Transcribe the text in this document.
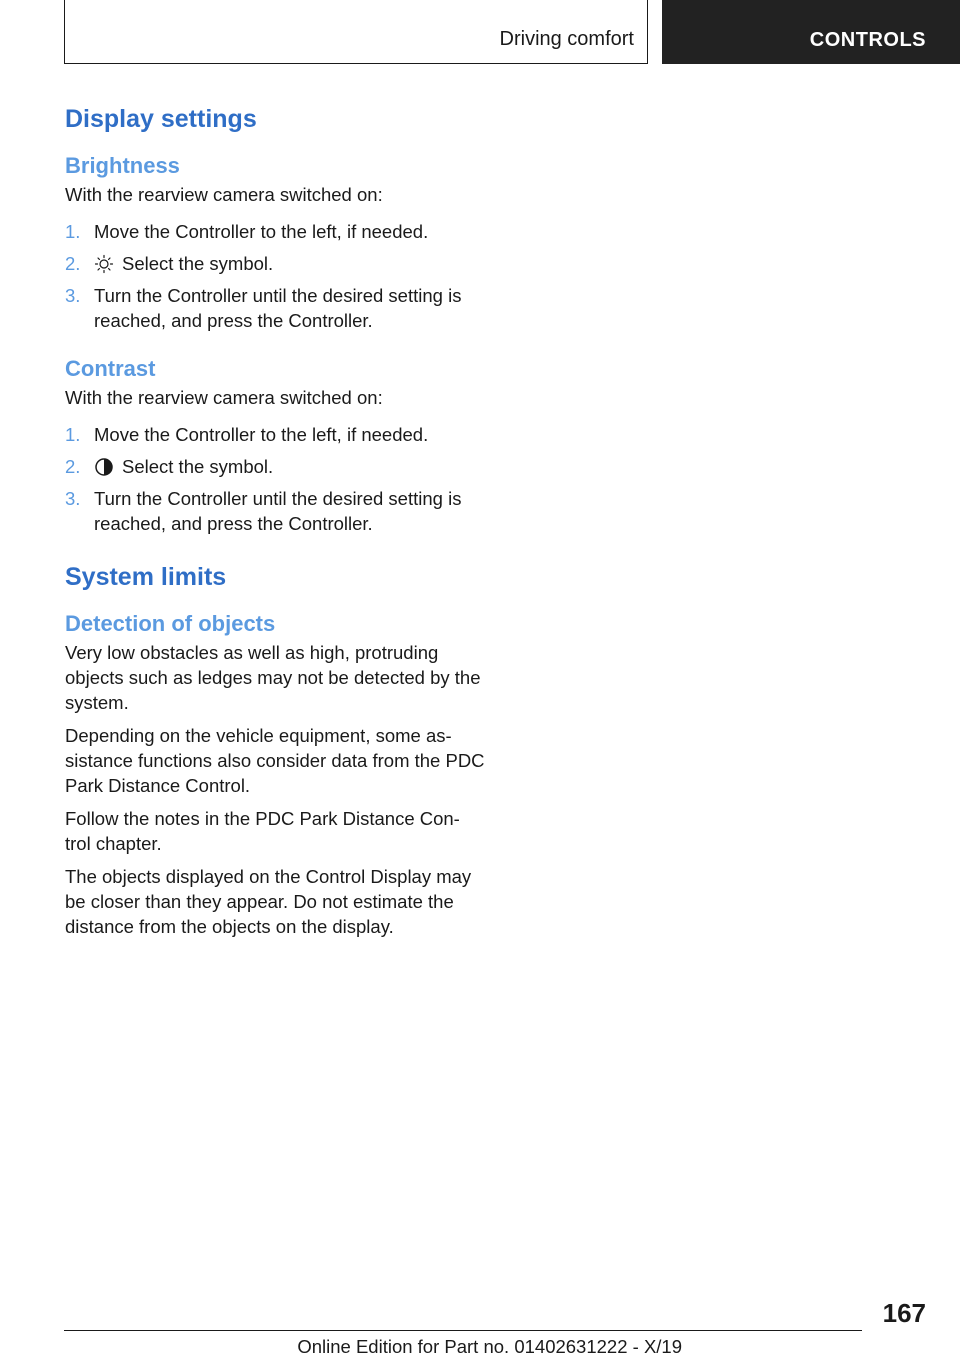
Driving comfort	CONTROLS
Display settings
Brightness

With the rearview camera switched on:

1. Move the Controller to the left, if needed.
2. Select the symbol.
3. Turn the Controller until the desired setting is reached, and press the Controller.
Contrast

With the rearview camera switched on:

1. Move the Controller to the left, if needed.
2. Select the symbol.
3. Turn the Controller until the desired setting is reached, and press the Controller.
System limits
Detection of objects

Very low obstacles as well as high, protruding objects such as ledges may not be detected by the system.

Depending on the vehicle equipment, some as-sistance functions also consider data from the PDC Park Distance Control.

Follow the notes in the PDC Park Distance Con-trol chapter.

The objects displayed on the Control Display may be closer than they appear. Do not estimate the distance from the objects on the display.

167
Online Edition for Part no. 01402631222 - X/19
